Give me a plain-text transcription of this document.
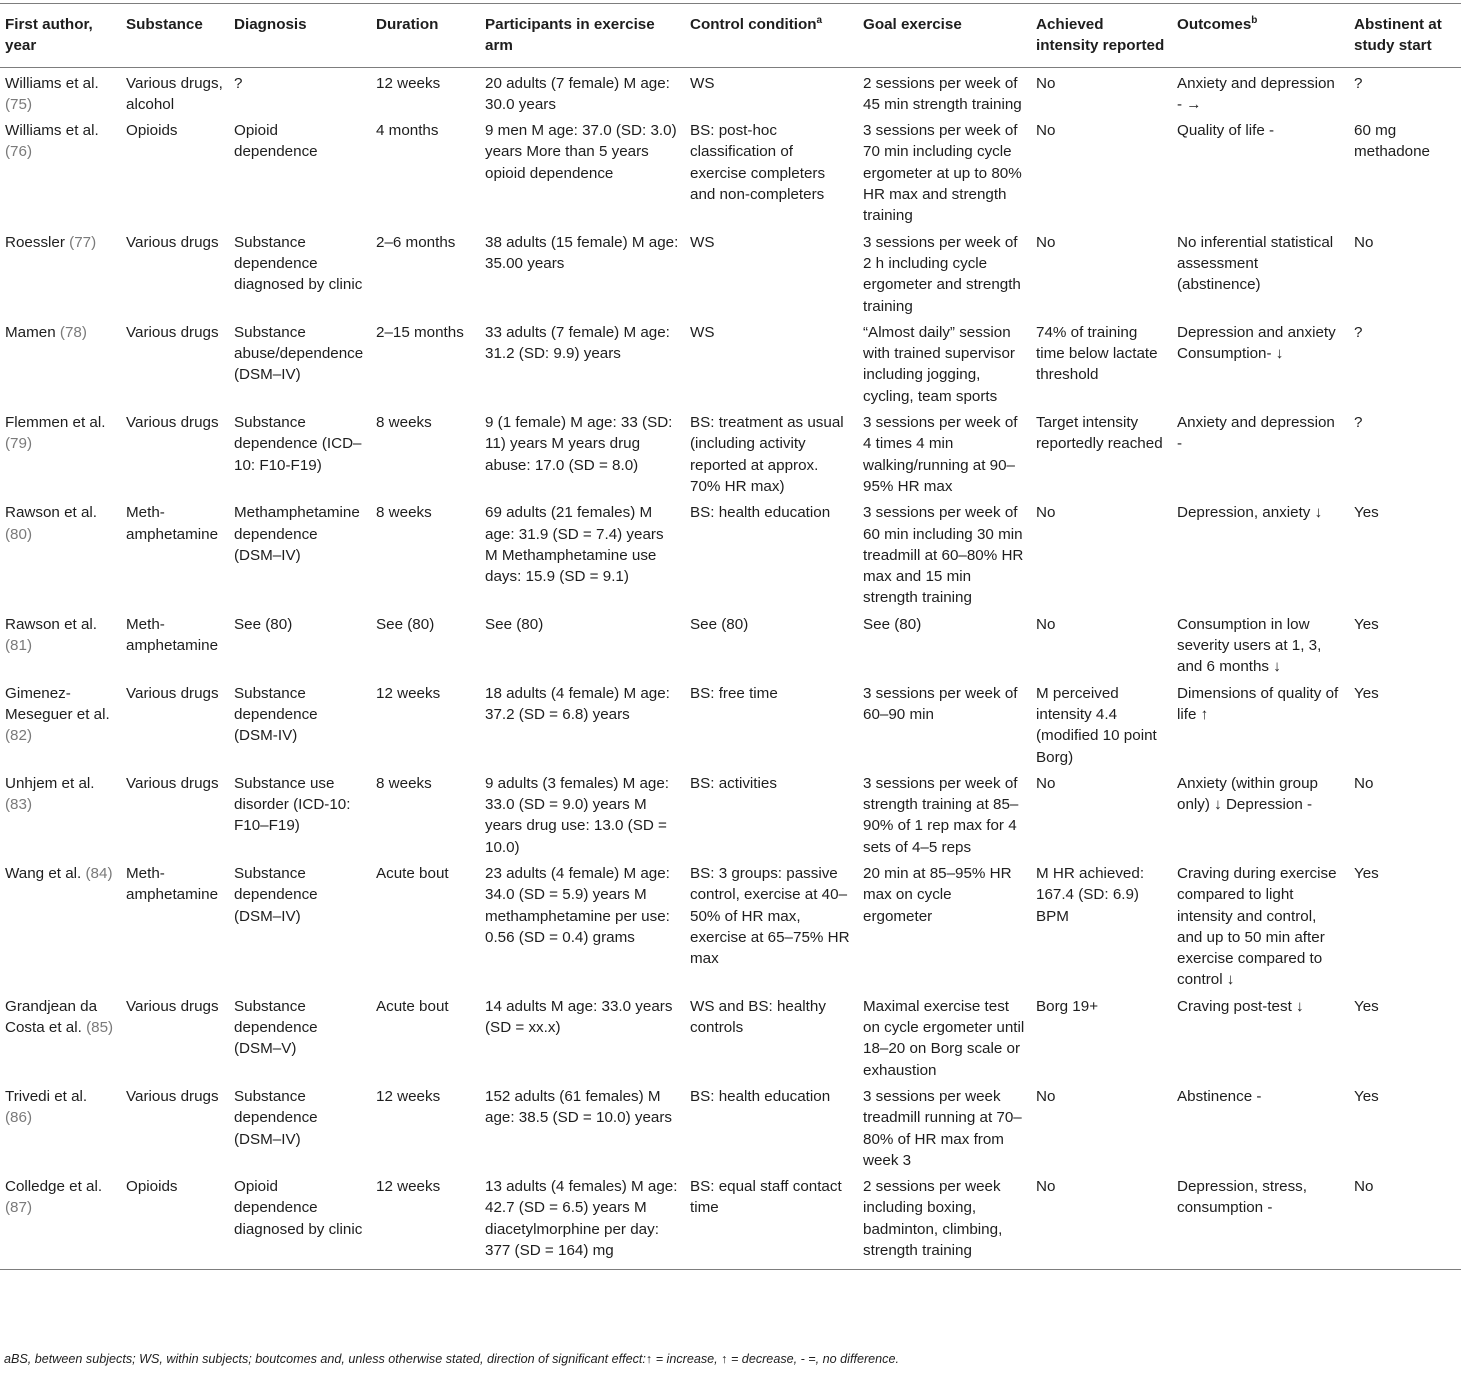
First author, year	Substance	Diagnosis	Duration	Participants in exercise arm	Control condition$^a$	Goal exercise	Achieved intensity reported	Outcomes$^b$	Abstinent at study start
Williams et al. (75)	Various drugs, alcohol	?	12 weeks	20 adults (7 female) M age: 30.0 years	WS	2 sessions per week of 45 min strength training	No	Anxiety and depression - →	?
Williams et al. (76)	Opioids	Opioid dependence	4 months	9 men M age: 37.0 (SD: 3.0) years More than 5 years opioid dependence	BS: post-hoc classification of exercise completers and non-completers	3 sessions per week of 70 min including cycle ergometer at up to 80% HR max and strength training	No	Quality of life -	60 mg methadone
Roessler (77)	Various drugs	Substance dependence diagnosed by clinic	2–6 months	38 adults (15 female) M age: 35.00 years	WS	3 sessions per week of 2 h including cycle ergometer and strength training	No	No inferential statistical assessment (abstinence)	No
Mamen (78)	Various drugs	Substance abuse/dependence (DSM–IV)	2–15 months	33 adults (7 female) M age: 31.2 (SD: 9.9) years	WS	“Almost daily” session with trained supervisor including jogging, cycling, team sports	74% of training time below lactate threshold	Depression and anxiety Consumption- ↓	?
Flemmen et al. (79)	Various drugs	Substance dependence (ICD–10: F10-F19)	8 weeks	9 (1 female) M age: 33 (SD: 11) years M years drug abuse: 17.0 (SD = 8.0)	BS: treatment as usual (including activity reported at approx. 70% HR max)	3 sessions per week of 4 times 4 min walking/running at 90–95% HR max	Target intensity reportedly reached	Anxiety and depression -	?
Rawson et al. (80)	Meth-amphetamine	Methamphetamine dependence (DSM–IV)	8 weeks	69 adults (21 females) M age: 31.9 (SD = 7.4) years M Methamphetamine use days: 15.9 (SD = 9.1)	BS: health education	3 sessions per week of 60 min including 30 min treadmill at 60–80% HR max and 15 min strength training	No	Depression, anxiety ↓	Yes
Rawson et al. (81)	Meth-amphetamine	See (80)	See (80)	See (80)	See (80)	See (80)	No	Consumption in low severity users at 1, 3, and 6 months ↓	Yes
Gimenez-Meseguer et al. (82)	Various drugs	Substance dependence (DSM-IV)	12 weeks	18 adults (4 female) M age: 37.2 (SD = 6.8) years	BS: free time	3 sessions per week of 60–90 min	M perceived intensity 4.4 (modified 10 point Borg)	Dimensions of quality of life ↑	Yes
Unhjem et al. (83)	Various drugs	Substance use disorder (ICD-10: F10–F19)	8 weeks	9 adults (3 females) M age: 33.0 (SD = 9.0) years M years drug use: 13.0 (SD = 10.0)	BS: activities	3 sessions per week of strength training at 85–90% of 1 rep max for 4 sets of 4–5 reps	No	Anxiety (within group only) ↓ Depression -	No
Wang et al. (84)	Meth-amphetamine	Substance dependence (DSM–IV)	Acute bout	23 adults (4 female) M age: 34.0 (SD = 5.9) years M methamphetamine per use: 0.56 (SD = 0.4) grams	BS: 3 groups: passive control, exercise at 40–50% of HR max, exercise at 65–75% HR max	20 min at 85–95% HR max on cycle ergometer	M HR achieved: 167.4 (SD: 6.9) BPM	Craving during exercise compared to light intensity and control, and up to 50 min after exercise compared to control ↓	Yes
Grandjean da Costa et al. (85)	Various drugs	Substance dependence (DSM–V)	Acute bout	14 adults M age: 33.0 years (SD = xx.x)	WS and BS: healthy controls	Maximal exercise test on cycle ergometer until 18–20 on Borg scale or exhaustion	Borg 19+	Craving post-test ↓	Yes
Trivedi et al. (86)	Various drugs	Substance dependence (DSM–IV)	12 weeks	152 adults (61 females) M age: 38.5 (SD = 10.0) years	BS: health education	3 sessions per week treadmill running at 70–80% of HR max from week 3	No	Abstinence -	Yes
Colledge et al. (87)	Opioids	Opioid dependence diagnosed by clinic	12 weeks	13 adults (4 females) M age: 42.7 (SD = 6.5) years M diacetylmorphine per day: 377 (SD = 164) mg	BS: equal staff contact time	2 sessions per week including boxing, badminton, climbing, strength training	No	Depression, stress, consumption -	No
aBS, between subjects; WS, within subjects; boutcomes and, unless otherwise stated, direction of significant effect:↑ = increase, ↑ = decrease, - =, no difference.
